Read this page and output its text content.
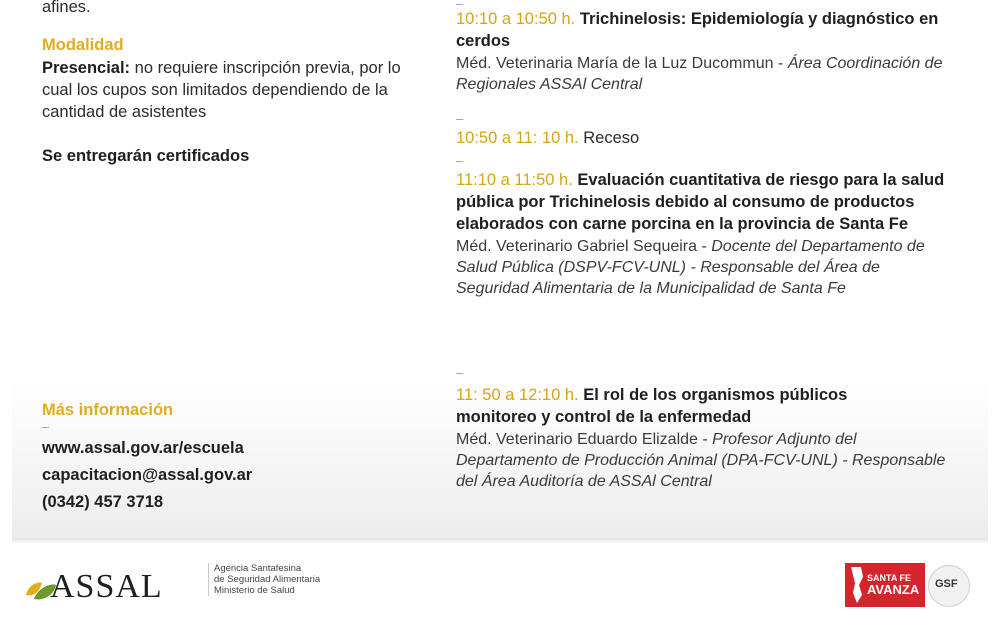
afines.
Modalidad
Presencial: no requiere inscripción previa, por lo cual los cupos son limitados dependiendo de la cantidad de asistentes
Se entregarán certificados
Más información
–
www.assal.gov.ar/escuela
capacitacion@assal.gov.ar
(0342) 457 3718
–
10:10 a 10:50 h. Trichinelosis: Epidemiología y diagnóstico en cerdos
Méd. Veterinaria María de la Luz Ducommun - Área Coordinación de Regionales ASSAl Central
–
10:50 a 11: 10 h. Receso
–
11:10 a 11:50 h. Evaluación cuantitativa de riesgo para la salud pública por Trichinelosis debido al consumo de productos elaborados con carne porcina en la provincia de Santa Fe
Méd. Veterinario Gabriel Sequeira - Docente del Departamento de Salud Pública (DSPV-FCV-UNL) - Responsable del Área de Seguridad Alimentaria de la Municipalidad de Santa Fe
–
11: 50 a 12:10 h. El rol de los organismos públicos monitoreo y control de la enfermedad
Méd. Veterinario Eduardo Elizalde - Profesor Adjunto del Departamento de Producción Animal (DPA-FCV-UNL) - Responsable del Área Auditoría de ASSAl Central
ASSAL	Agencia Santafesina
de Seguridad Alimentaria
Ministerio de Salud
SANTA FE
AVANZA GSF
